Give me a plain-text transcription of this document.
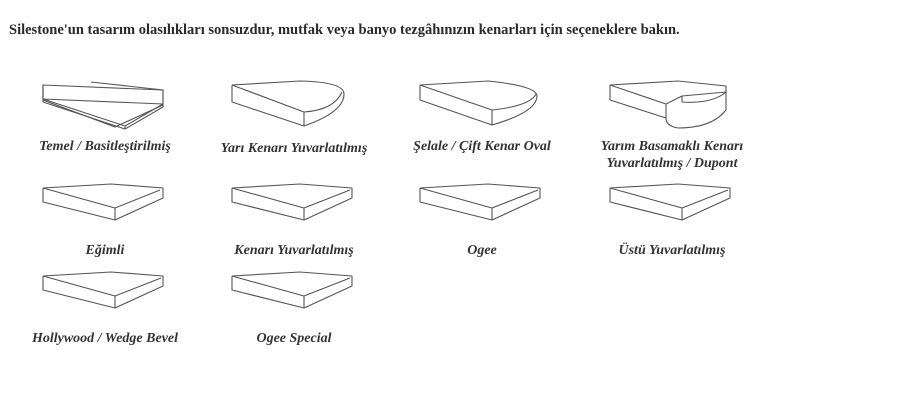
Silestone'un tasarım olasılıkları sonsuzdur, mutfak veya banyo tezgâhınızın kenarları için seçeneklere bakın.
Temel / Basitleştirilmiş	Yarı Kenarı Yuvarlatılmış	Şelale / Çift Kenar Oval	Yarım Basamaklı Kenarı
Yuvarlatılmış / Dupont
Eğimli	Kenarı Yuvarlatılmış	Ogee	Üstü Yuvarlatılmış
Hollywood / Wedge Bevel	Ogee Special
